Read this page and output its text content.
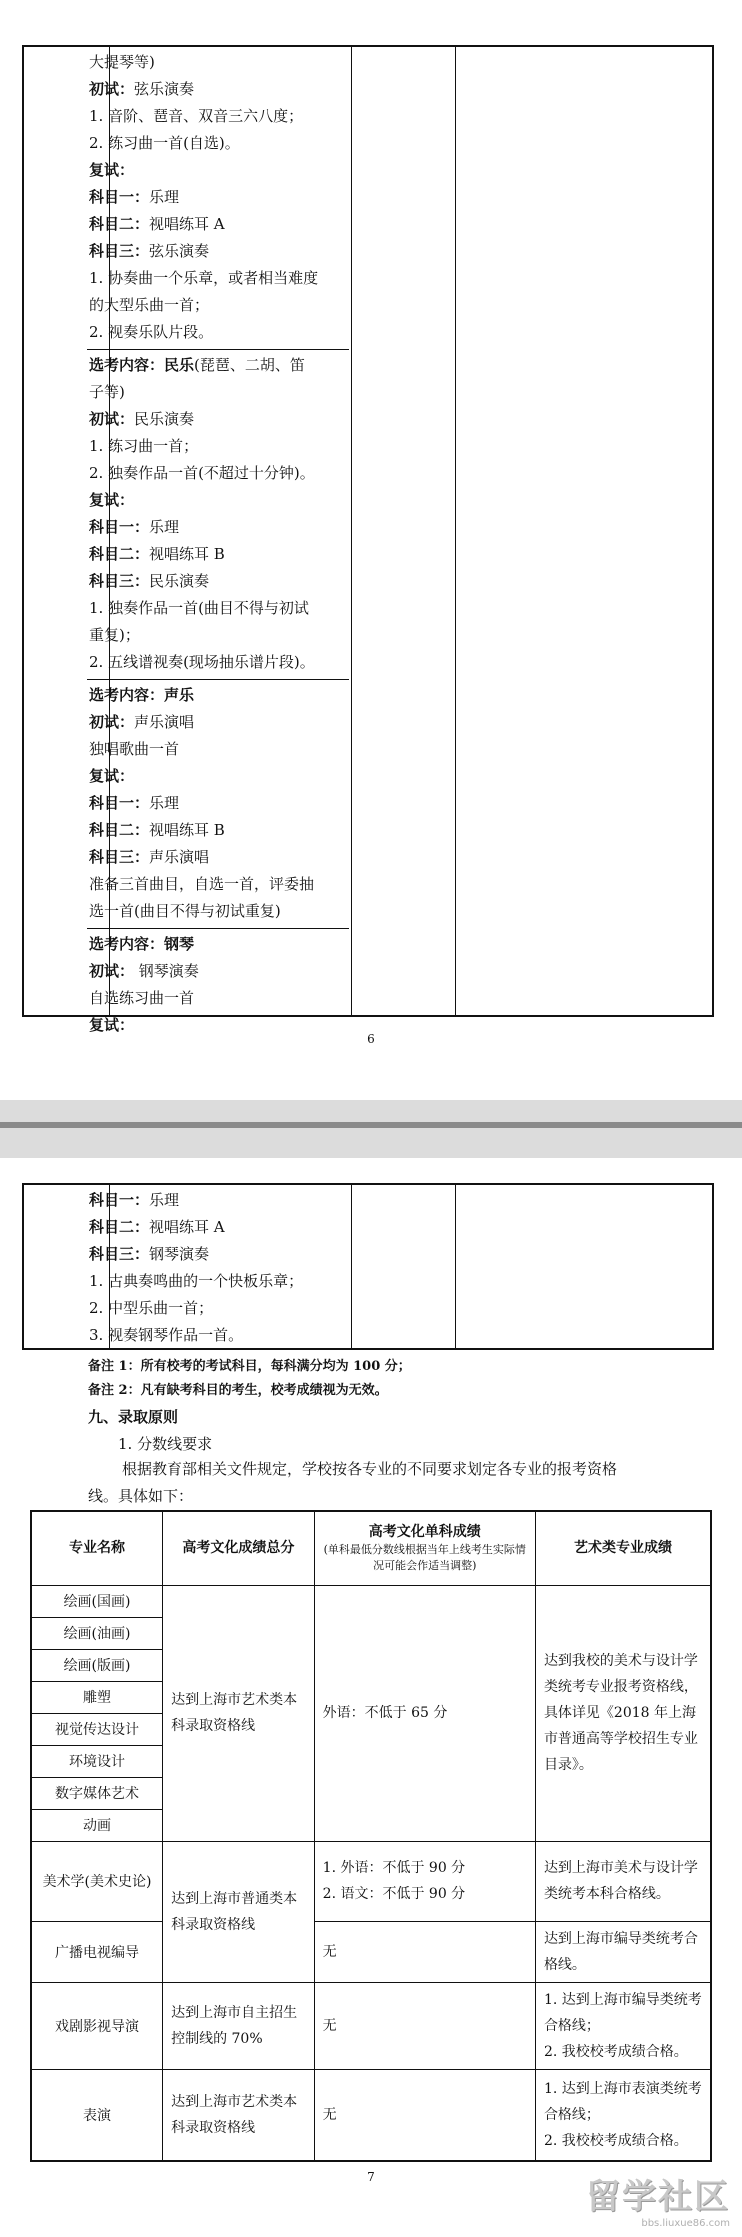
大提琴等)
初试：弦乐演奏
1. 音阶、琶音、双音三六八度；
2. 练习曲一首(自选)。
复试：
科目一：乐理
科目二：视唱练耳 A
科目三：弦乐演奏
1. 协奏曲一个乐章，或者相当难度
的大型乐曲一首；
2. 视奏乐队片段。
选考内容：民乐(琵琶、二胡、笛
子等)
初试：民乐演奏
1. 练习曲一首；
2. 独奏作品一首(不超过十分钟)。
复试：
科目一：乐理
科目二：视唱练耳 B
科目三：民乐演奏
1. 独奏作品一首(曲目不得与初试
重复)；
2. 五线谱视奏(现场抽乐谱片段)。
选考内容：声乐
初试：声乐演唱
独唱歌曲一首
复试：
科目一：乐理
科目二：视唱练耳 B
科目三：声乐演唱
准备三首曲目，自选一首，评委抽
选一首(曲目不得与初试重复)
选考内容：钢琴
初试： 钢琴演奏
自选练习曲一首
复试：
6
科目一：乐理
科目二：视唱练耳 A
科目三：钢琴演奏
1. 古典奏鸣曲的一个快板乐章；
2. 中型乐曲一首；
3. 视奏钢琴作品一首。
备注 1：所有校考的考试科目，每科满分均为 100 分；
备注 2：凡有缺考科目的考生，校考成绩视为无效。
九、录取原则
1. 分数线要求
根据教育部相关文件规定，学校按各专业的不同要求划定各专业的报考资格
线。具体如下：
专业名称	高考文化成绩总分	高考文化单科成绩
(单科最低分数线根据当年上线考生实际情况可能会作适当调整)	艺术类专业成绩
绘画(国画)	达到上海市艺术类本科录取资格线	外语：不低于 65 分	达到我校的美术与设计学类统考专业报考资格线，具体详见《2018 年上海市普通高等学校招生专业目录》。
绘画(油画)			
绘画(版画)			
雕塑			
视觉传达设计			
环境设计			
数字媒体艺术			
动画			
美术学(美术史论)	达到上海市普通类本科录取资格线	1. 外语：不低于 90 分
2. 语文：不低于 90 分	达到上海市美术与设计学类统考本科合格线。
广播电视编导		无	达到上海市编导类统考合格线。
戏剧影视导演	达到上海市自主招生控制线的 70%	无	1. 达到上海市编导类统考合格线；
2. 我校校考成绩合格。

表演	达到上海市艺术类本科录取资格线	无	1. 达到上海市表演类统考合格线；
2. 我校校考成绩合格。
7	留学社区
bbs.liuxue86.com
